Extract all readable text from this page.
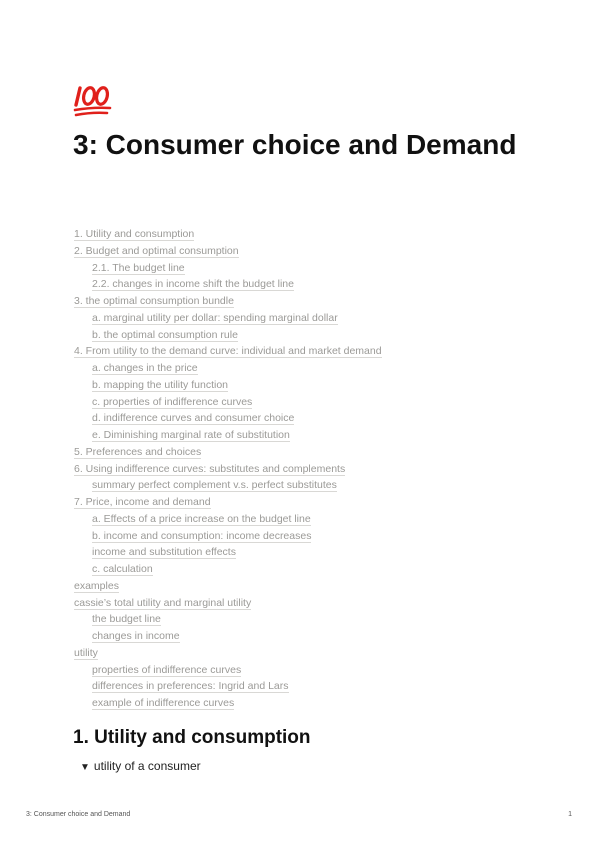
3: Consumer choice and Demand
1. Utility and consumption
2. Budget and optimal consumption
2.1. The budget line
2.2. changes in income shift the budget line
3. the optimal consumption bundle
a. marginal utility per dollar: spending marginal dollar
b. the optimal consumption rule
4. From utility to the demand curve: individual and market demand
a. changes in the price
b. mapping the utility function
c. properties of indifference curves
d. indifference curves and consumer choice
e. Diminishing marginal rate of substitution
5. Preferences and choices
6. Using indifference curves: substitutes and complements
summary perfect complement v.s. perfect substitutes
7. Price, income and demand
a. Effects of a price increase on the budget line
b. income and consumption: income decreases
income and substitution effects
c. calculation
examples
cassie’s total utility and marginal utility
the budget line
changes in income
utility
properties of indifference curves
differences in preferences: Ingrid and Lars
example of indifference curves
1. Utility and consumption
▼ utility of a consumer
3: Consumer choice and Demand	1
